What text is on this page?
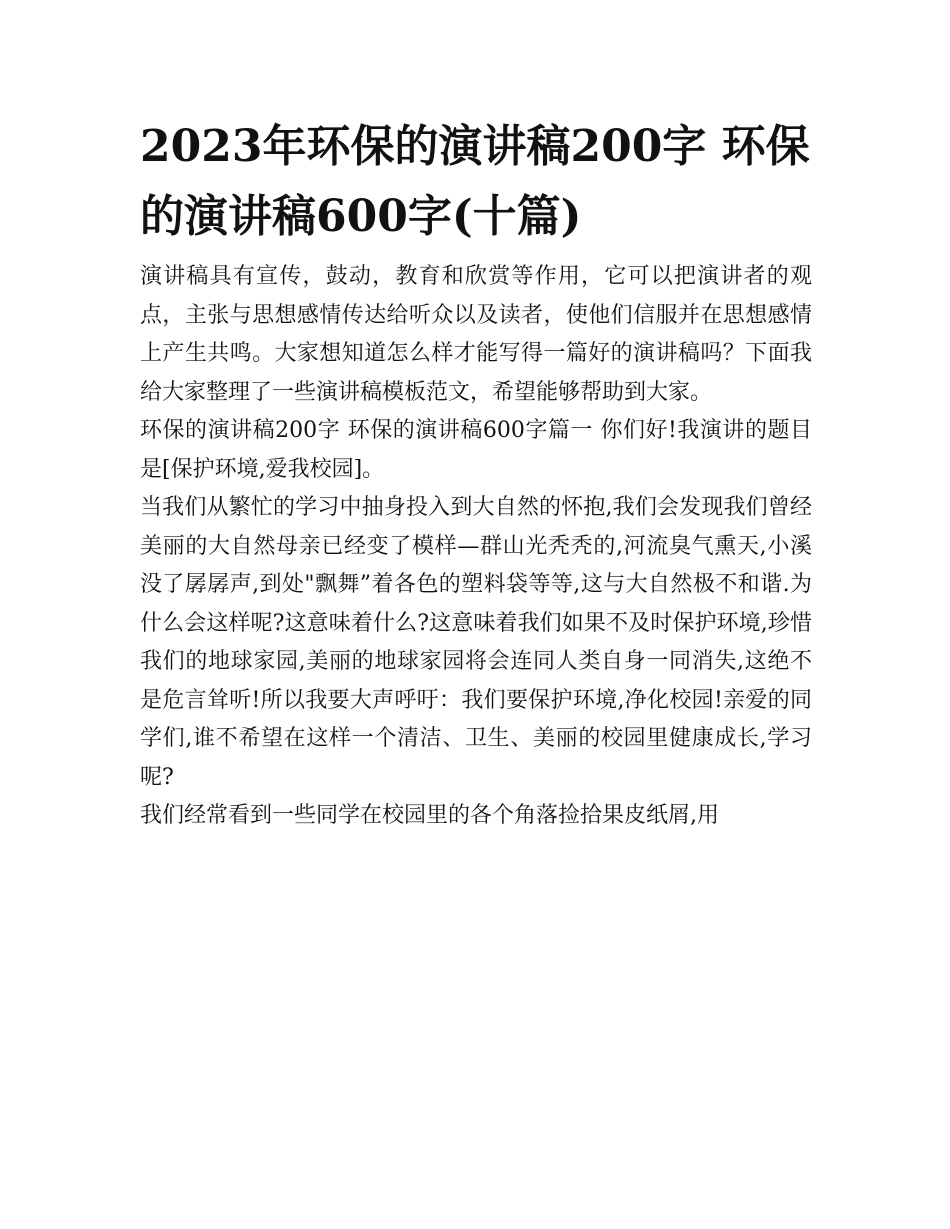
2023年环保的演讲稿200字 环保的演讲稿600字(十篇)

演讲稿具有宣传，鼓动，教育和欣赏等作用，它可以把演讲者的观点，主张与思想感情传达给听众以及读者，使他们信服并在思想感情上产生共鸣。大家想知道怎么样才能写得一篇好的演讲稿吗？下面我给大家整理了一些演讲稿模板范文，希望能够帮助到大家。

环保的演讲稿200字 环保的演讲稿600字篇一 你们好!我演讲的题目是[保护环境,爱我校园]。

当我们从繁忙的学习中抽身投入到大自然的怀抱,我们会发现我们曾经美丽的大自然母亲已经变了模样—群山光秃秃的,河流臭气熏天,小溪没了孱孱声,到处"飘舞”着各色的塑料袋等等,这与大自然极不和谐.为什么会这样呢?这意味着什么?这意味着我们如果不及时保护环境,珍惜我们的地球家园,美丽的地球家园将会连同人类自身一同消失,这绝不是危言耸听!所以我要大声呼吁：我们要保护环境,净化校园!亲爱的同学们,谁不希望在这样一个清洁、卫生、美丽的校园里健康成长,学习呢?

我们经常看到一些同学在校园里的各个角落捡拾果皮纸屑,用
